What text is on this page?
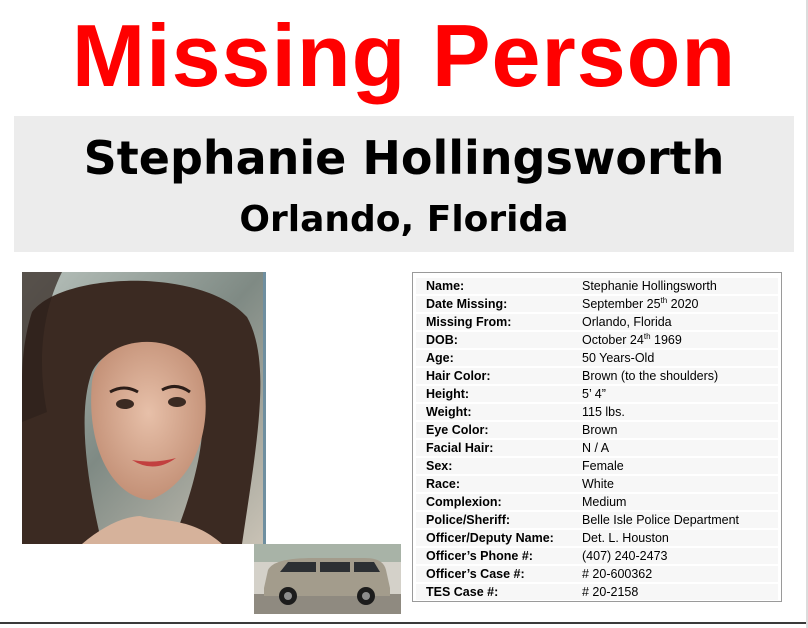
Missing Person
Stephanie Hollingsworth
Orlando, Florida
Name:	Stephanie Hollingsworth
Date Missing:	September 25th 2020
Missing From:	Orlando, Florida
DOB:	October 24th 1969
Age:	50 Years-Old
Hair Color:	Brown (to the shoulders)
Height:	5’ 4”
Weight:	115 lbs.
Eye Color:	Brown
Facial Hair:	N / A
Sex:	Female
Race:	White
Complexion:	Medium
Police/Sheriff:	Belle Isle Police Department
Officer/Deputy Name:	Det. L. Houston
Officer’s Phone #:	(407) 240-2473
Officer’s Case #:	# 20-600362
TES Case #:	# 20-2158
